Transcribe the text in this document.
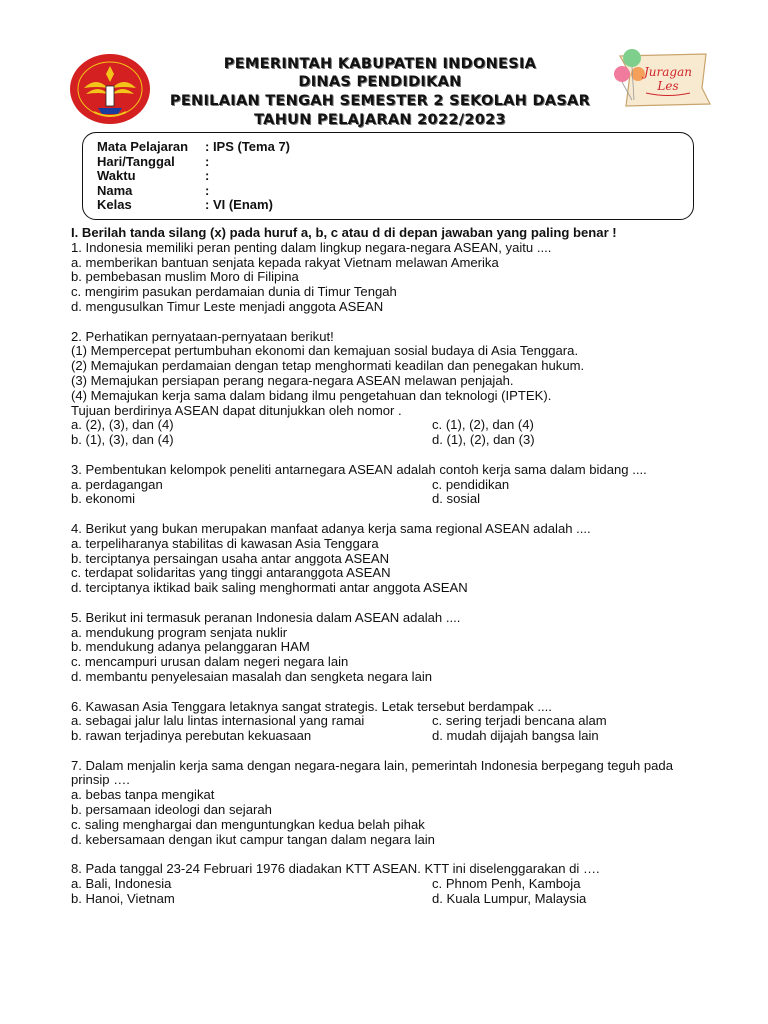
PEMERINTAH KABUPATEN INDONESIA
DINAS PENDIDIKAN
PENILAIAN TENGAH SEMESTER 2 SEKOLAH DASAR
TAHUN PELAJARAN 2022/2023
Juragan
Les
Mata Pelajaran : IPS (Tema 7)
Hari/Tanggal :
Waktu	:
Nama	:
Kelas	: VI (Enam)
I. Berilah tanda silang (x) pada huruf a, b, c atau d di depan jawaban yang paling benar !
1. Indonesia memiliki peran penting dalam lingkup negara-negara ASEAN, yaitu ....
a. memberikan bantuan senjata kepada rakyat Vietnam melawan Amerika
b. pembebasan muslim Moro di Filipina
c. mengirim pasukan perdamaian dunia di Timur Tengah
d. mengusulkan Timur Leste menjadi anggota ASEAN
2. Perhatikan pernyataan-pernyataan berikut!
(1) Mempercepat pertumbuhan ekonomi dan kemajuan sosial budaya di Asia Tenggara.
(2) Memajukan perdamaian dengan tetap menghormati keadilan dan penegakan hukum.
(3) Memajukan persiapan perang negara-negara ASEAN melawan penjajah.
(4) Memajukan kerja sama dalam bidang ilmu pengetahuan dan teknologi (IPTEK).
Tujuan berdirinya ASEAN dapat ditunjukkan oleh nomor .
a. (2), (3), dan (4)	c. (1), (2), dan (4)
b. (1), (3), dan (4)	d. (1), (2), dan (3)
3. Pembentukan kelompok peneliti antarnegara ASEAN adalah contoh kerja sama dalam bidang ....
a. perdagangan	c. pendidikan
b. ekonomi	d. sosial
4. Berikut yang bukan merupakan manfaat adanya kerja sama regional ASEAN adalah ....
a. terpeliharanya stabilitas di kawasan Asia Tenggara
b. terciptanya persaingan usaha antar anggota ASEAN
c. terdapat solidaritas yang tinggi antaranggota ASEAN
d. terciptanya iktikad baik saling menghormati antar anggota ASEAN
5. Berikut ini termasuk peranan Indonesia dalam ASEAN adalah ....
a. mendukung program senjata nuklir
b. mendukung adanya pelanggaran HAM
c. mencampuri urusan dalam negeri negara lain
d. membantu penyelesaian masalah dan sengketa negara lain
6. Kawasan Asia Tenggara letaknya sangat strategis. Letak tersebut berdampak ....
a. sebagai jalur lalu lintas internasional yang ramai	c. sering terjadi bencana alam
b. rawan terjadinya perebutan kekuasaan	d. mudah dijajah bangsa lain
7. Dalam menjalin kerja sama dengan negara-negara lain, pemerintah Indonesia berpegang teguh pada prinsip ….
a. bebas tanpa mengikat
b. persamaan ideologi dan sejarah
c. saling menghargai dan menguntungkan kedua belah pihak
d. kebersamaan dengan ikut campur tangan dalam negara lain
8. Pada tanggal 23-24 Februari 1976 diadakan KTT ASEAN. KTT ini diselenggarakan di ….
a. Bali, Indonesia	c. Phnom Penh, Kamboja
b. Hanoi, Vietnam	d. Kuala Lumpur, Malaysia
